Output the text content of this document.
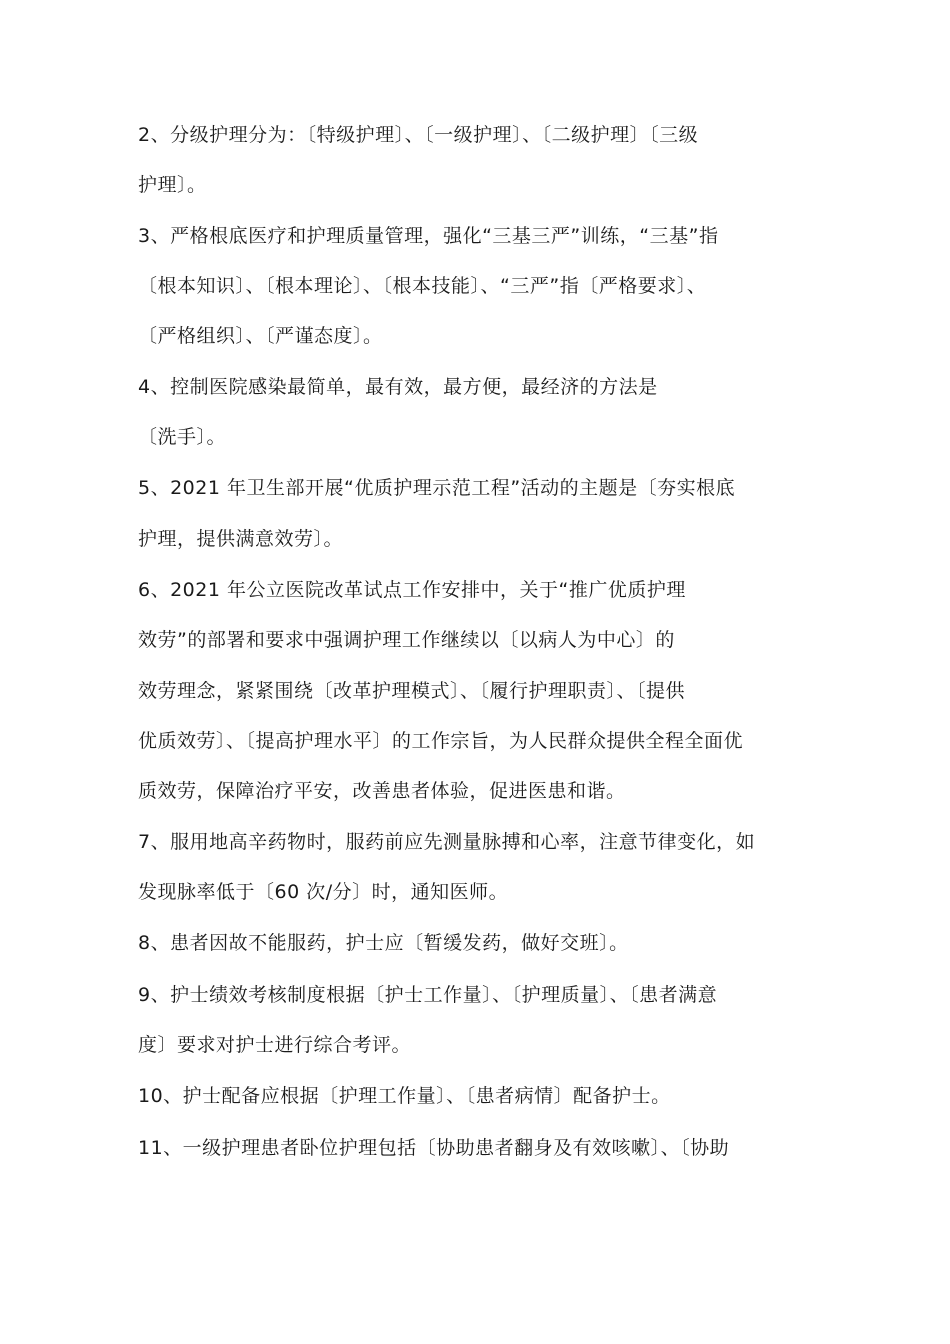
2、分级护理分为：〔特级护理〕、〔一级护理〕、〔二级护理〕〔三级
护理〕。
3、严格根底医疗和护理质量管理，强化“三基三严”训练，“三基”指
〔根本知识〕、〔根本理论〕、〔根本技能〕、“三严”指〔严格要求〕、
〔严格组织〕、〔严谨态度〕。
4、控制医院感染最简单，最有效，最方便，最经济的方法是
〔洗手〕。
5、2021 年卫生部开展“优质护理示范工程”活动的主题是〔夯实根底
护理，提供满意效劳〕。
6、2021 年公立医院改革试点工作安排中，关于“推广优质护理
效劳”的部署和要求中强调护理工作继续以〔以病人为中心〕的
效劳理念，紧紧围绕〔改革护理模式〕、〔履行护理职责〕、〔提供
优质效劳〕、〔提高护理水平〕的工作宗旨，为人民群众提供全程全面优
质效劳，保障治疗平安，改善患者体验，促进医患和谐。
7、服用地高辛药物时，服药前应先测量脉搏和心率，注意节律变化，如
发现脉率低于〔60 次/分〕时，通知医师。
8、患者因故不能服药，护士应〔暂缓发药，做好交班〕。
9、护士绩效考核制度根据〔护士工作量〕、〔护理质量〕、〔患者满意
度〕要求对护士进行综合考评。
10、护士配备应根据〔护理工作量〕、〔患者病情〕配备护士。
11、一级护理患者卧位护理包括〔协助患者翻身及有效咳嗽〕、〔协助
